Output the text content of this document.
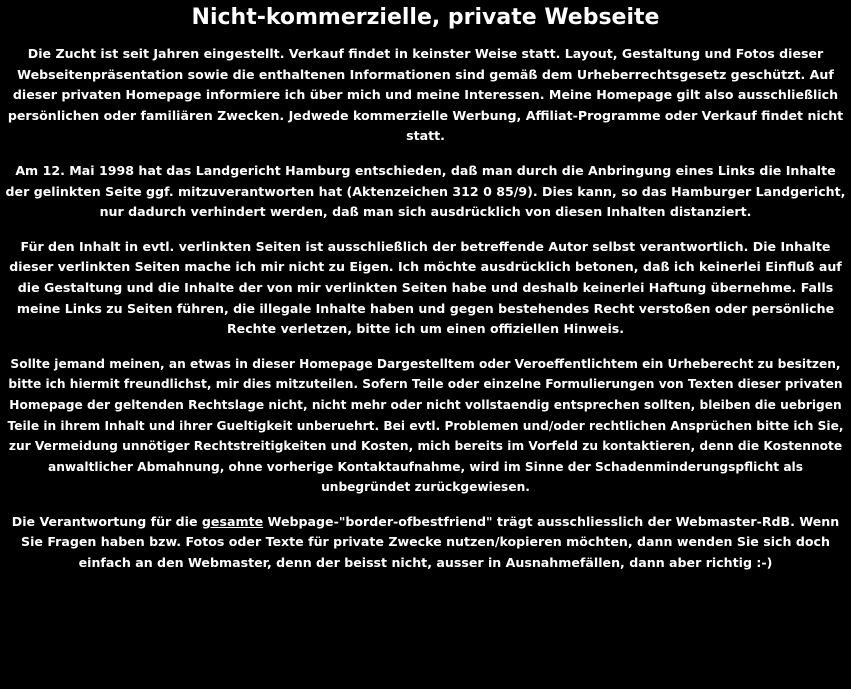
Nicht-kommerzielle, private Webseite

Die Zucht ist seit Jahren eingestellt. Verkauf findet in keinster Weise statt. Layout, Gestaltung und Fotos dieser Webseitenpräsentation sowie die enthaltenen Informationen sind gemäß dem Urheberrechtsgesetz geschützt. Auf dieser privaten Homepage informiere ich über mich und meine Interessen. Meine Homepage gilt also ausschließlich persönlichen oder familiären Zwecken. Jedwede kommerzielle Werbung, Affiliat-Programme oder Verkauf findet nicht statt.

Am 12. Mai 1998 hat das Landgericht Hamburg entschieden, daß man durch die Anbringung eines Links die Inhalte der gelinkten Seite ggf. mitzuverantworten hat (Aktenzeichen 312 0 85/9). Dies kann, so das Hamburger Landgericht, nur dadurch verhindert werden, daß man sich ausdrücklich von diesen Inhalten distanziert.

Für den Inhalt in evtl. verlinkten Seiten ist ausschließlich der betreffende Autor selbst verantwortlich. Die Inhalte dieser verlinkten Seiten mache ich mir nicht zu Eigen. Ich möchte ausdrücklich betonen, daß ich keinerlei Einfluß auf die Gestaltung und die Inhalte der von mir verlinkten Seiten habe und deshalb keinerlei Haftung übernehme. Falls meine Links zu Seiten führen, die illegale Inhalte haben und gegen bestehendes Recht verstoßen oder persönliche Rechte verletzen, bitte ich um einen offiziellen Hinweis.

Sollte jemand meinen, an etwas in dieser Homepage Dargestelltem oder Veroeffentlichtem ein Urheberecht zu besitzen, bitte ich hiermit freundlichst, mir dies mitzuteilen. Sofern Teile oder einzelne Formulierungen von Texten dieser privaten Homepage der geltenden Rechtslage nicht, nicht mehr oder nicht vollstaendig entsprechen sollten, bleiben die uebrigen Teile in ihrem Inhalt und ihrer Gueltigkeit unberuehrt. Bei evtl. Problemen und/oder rechtlichen Ansprüchen bitte ich Sie, zur Vermeidung unnötiger Rechtstreitigkeiten und Kosten, mich bereits im Vorfeld zu kontaktieren, denn die Kostennote anwaltlicher Abmahnung, ohne vorherige Kontaktaufnahme, wird im Sinne der Schadenminderungspflicht als unbegründet zurückgewiesen.

Die Verantwortung für die gesamte Webpage-"border-ofbestfriend" trägt ausschliesslich der Webmaster-RdB. Wenn Sie Fragen haben bzw. Fotos oder Texte für private Zwecke nutzen/kopieren möchten, dann wenden Sie sich doch einfach an den Webmaster, denn der beisst nicht, ausser in Ausnahmefällen, dann aber richtig :-)
